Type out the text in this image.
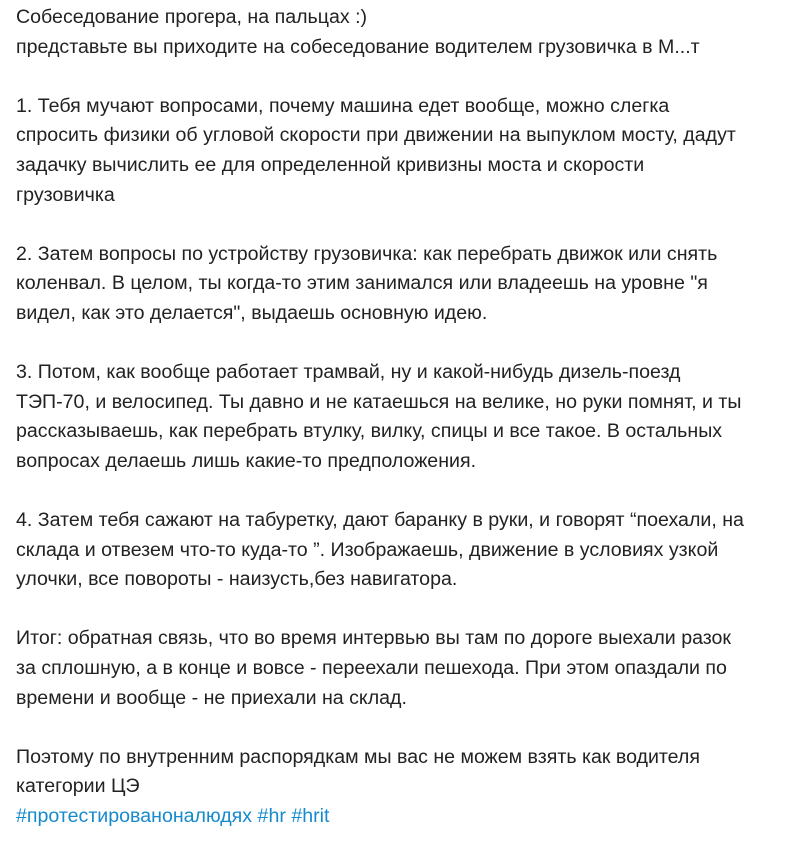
Собеседование прогера, на пальцах :)
представьте вы приходите на собеседование водителем грузовичка в М...т
1. Тебя мучают вопросами, почему машина едет вообще, можно слегка
спросить физики об угловой скорости при движении на выпуклом мосту, дадут
задачку вычислить ее для определенной кривизны моста и скорости
грузовичка
2. Затем вопросы по устройству грузовичка: как перебрать движок или снять
коленвал. В целом, ты когда-то этим занимался или владеешь на уровне "я
видел, как это делается", выдаешь основную идею.
3. Потом, как вообще работает трамвай, ну и какой-нибудь дизель-поезд
ТЭП-70, и велосипед. Ты давно и не катаешься на велике, но руки помнят, и ты
рассказываешь, как перебрать втулку, вилку, спицы и все такое. В остальных
вопросах делаешь лишь какие-то предположения.
4. Затем тебя сажают на табуретку, дают баранку в руки, и говорят “поехали, на
склада и отвезем что-то куда-то ”. Изображаешь, движение в условиях узкой
улочки, все повороты - наизусть,без навигатора.
Итог: обратная связь, что во время интервью вы там по дороге выехали разок
за сплошную, а в конце и вовсе - переехали пешехода. При этом опаздали по
времени и вообще - не приехали на склад.
Поэтому по внутренним распорядкам мы вас не можем взять как водителя
категории ЦЭ
#протестированоналюдях #hr #hrit
